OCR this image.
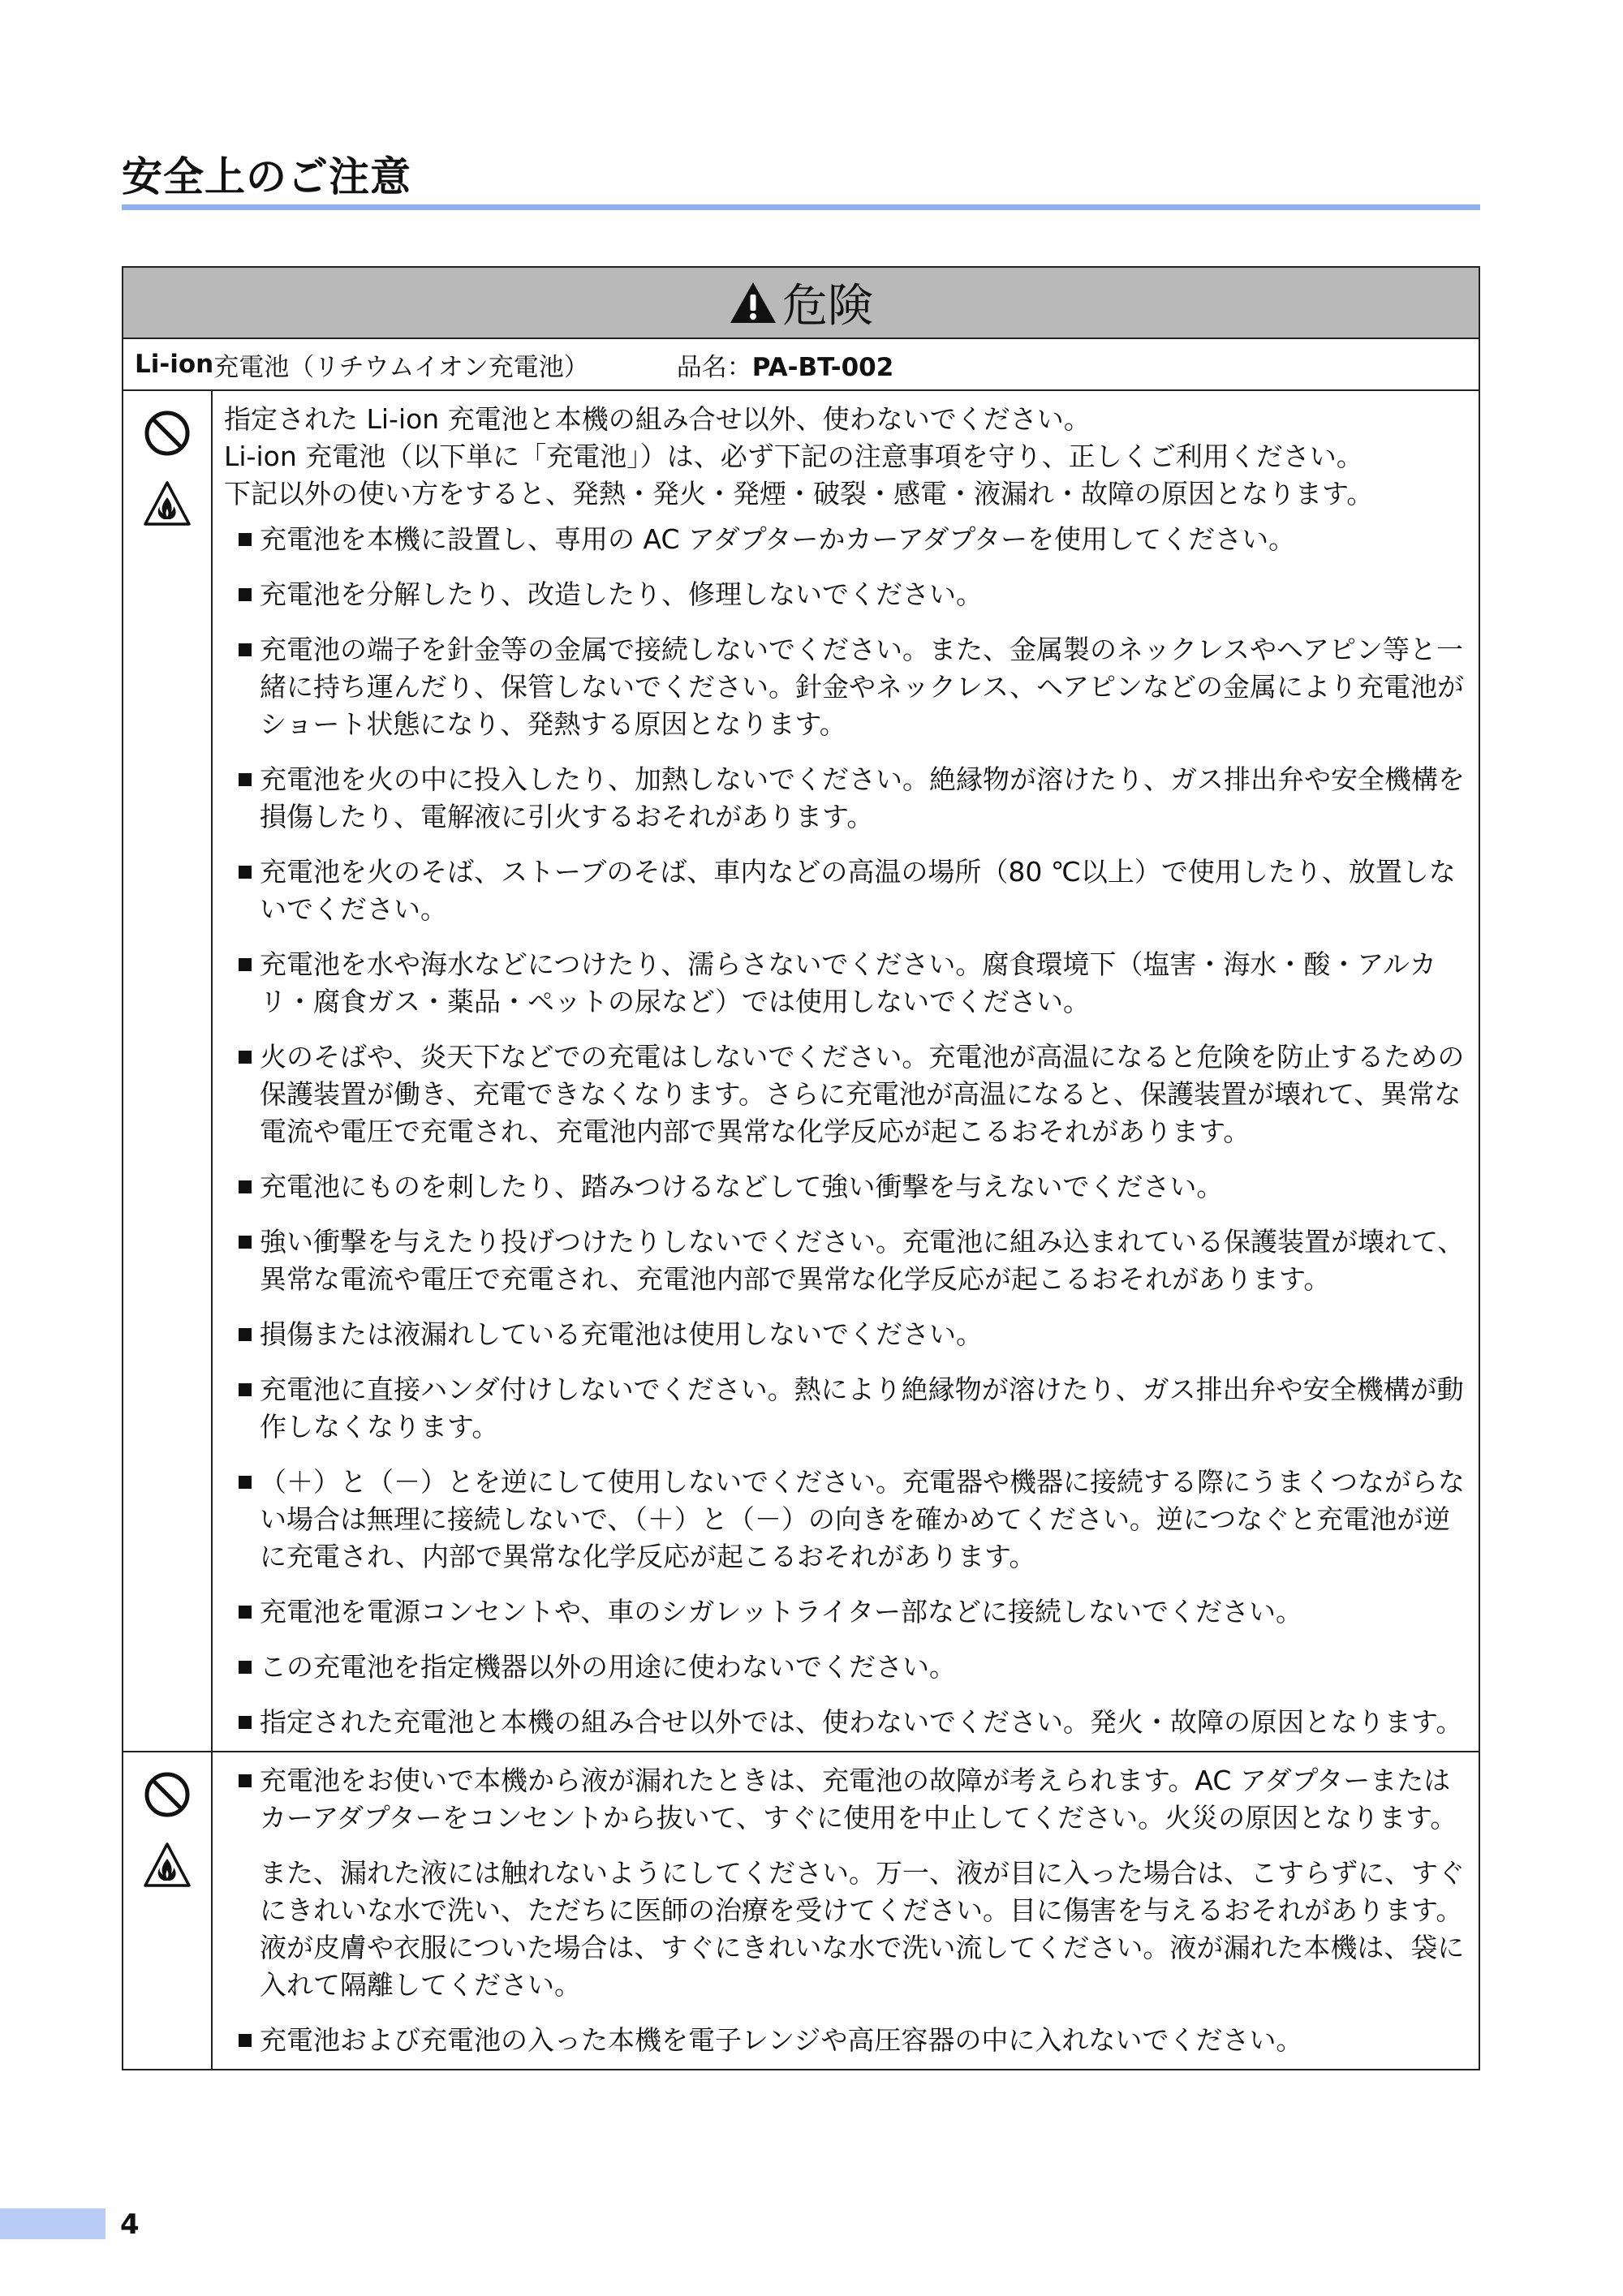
安全上のご注意
危険
Li-ion 充電池（リチウムイオン充電池）	品名：PA-BT-002

指定された Li-ion 充電池と本機の組み合せ以外、使わないでください。

Li-ion 充電池（以下単に「充電池」）は、必ず下記の注意事項を守り、正しくご利用ください。

下記以外の使い方をすると、発熱・発火・発煙・破裂・感電・液漏れ・故障の原因となります。

充電池を本機に設置し、専用の AC アダプターかカーアダプターを使用してください。
充電池を分解したり、改造したり、修理しないでください。
充電池の端子を針金等の金属で接続しないでください。また、金属製のネックレスやヘアピン等と一緒に持ち運んだり、保管しないでください。針金やネックレス、ヘアピンなどの金属により充電池がショート状態になり、発熱する原因となります。
充電池を火の中に投入したり、加熱しないでください。絶縁物が溶けたり、ガス排出弁や安全機構を損傷したり、電解液に引火するおそれがあります。
充電池を火のそば、ストーブのそば、車内などの高温の場所（80 ℃以上）で使用したり、放置しないでください。
充電池を水や海水などにつけたり、濡らさないでください。腐食環境下（塩害・海水・酸・アルカリ・腐食ガス・薬品・ペットの尿など）では使用しないでください。
火のそばや、炎天下などでの充電はしないでください。充電池が高温になると危険を防止するための保護装置が働き、充電できなくなります。さらに充電池が高温になると、保護装置が壊れて、異常な電流や電圧で充電され、充電池内部で異常な化学反応が起こるおそれがあります。
充電池にものを刺したり、踏みつけるなどして強い衝撃を与えないでください。
強い衝撃を与えたり投げつけたりしないでください。充電池に組み込まれている保護装置が壊れて、異常な電流や電圧で充電され、充電池内部で異常な化学反応が起こるおそれがあります。
損傷または液漏れしている充電池は使用しないでください。
充電池に直接ハンダ付けしないでください。熱により絶縁物が溶けたり、ガス排出弁や安全機構が動作しなくなります。
（＋）と（－）とを逆にして使用しないでください。充電器や機器に接続する際にうまくつながらない場合は無理に接続しないで、（＋）と（－）の向きを確かめてください。逆につなぐと充電池が逆に充電され、内部で異常な化学反応が起こるおそれがあります。
充電池を電源コンセントや、車のシガレットライター部などに接続しないでください。
この充電池を指定機器以外の用途に使わないでください。
指定された充電池と本機の組み合せ以外では、使わないでください。発火・故障の原因となります。
充電池をお使いで本機から液が漏れたときは、充電池の故障が考えられます。AC アダプターまたはカーアダプターをコンセントから抜いて、すぐに使用を中止してください。火災の原因となります。
また、漏れた液には触れないようにしてください。万一、液が目に入った場合は、こすらずに、すぐにきれいな水で洗い、ただちに医師の治療を受けてください。目に傷害を与えるおそれがあります。液が皮膚や衣服についた場合は、すぐにきれいな水で洗い流してください。液が漏れた本機は、袋に入れて隔離してください。
充電池および充電池の入った本機を電子レンジや高圧容器の中に入れないでください。
4
